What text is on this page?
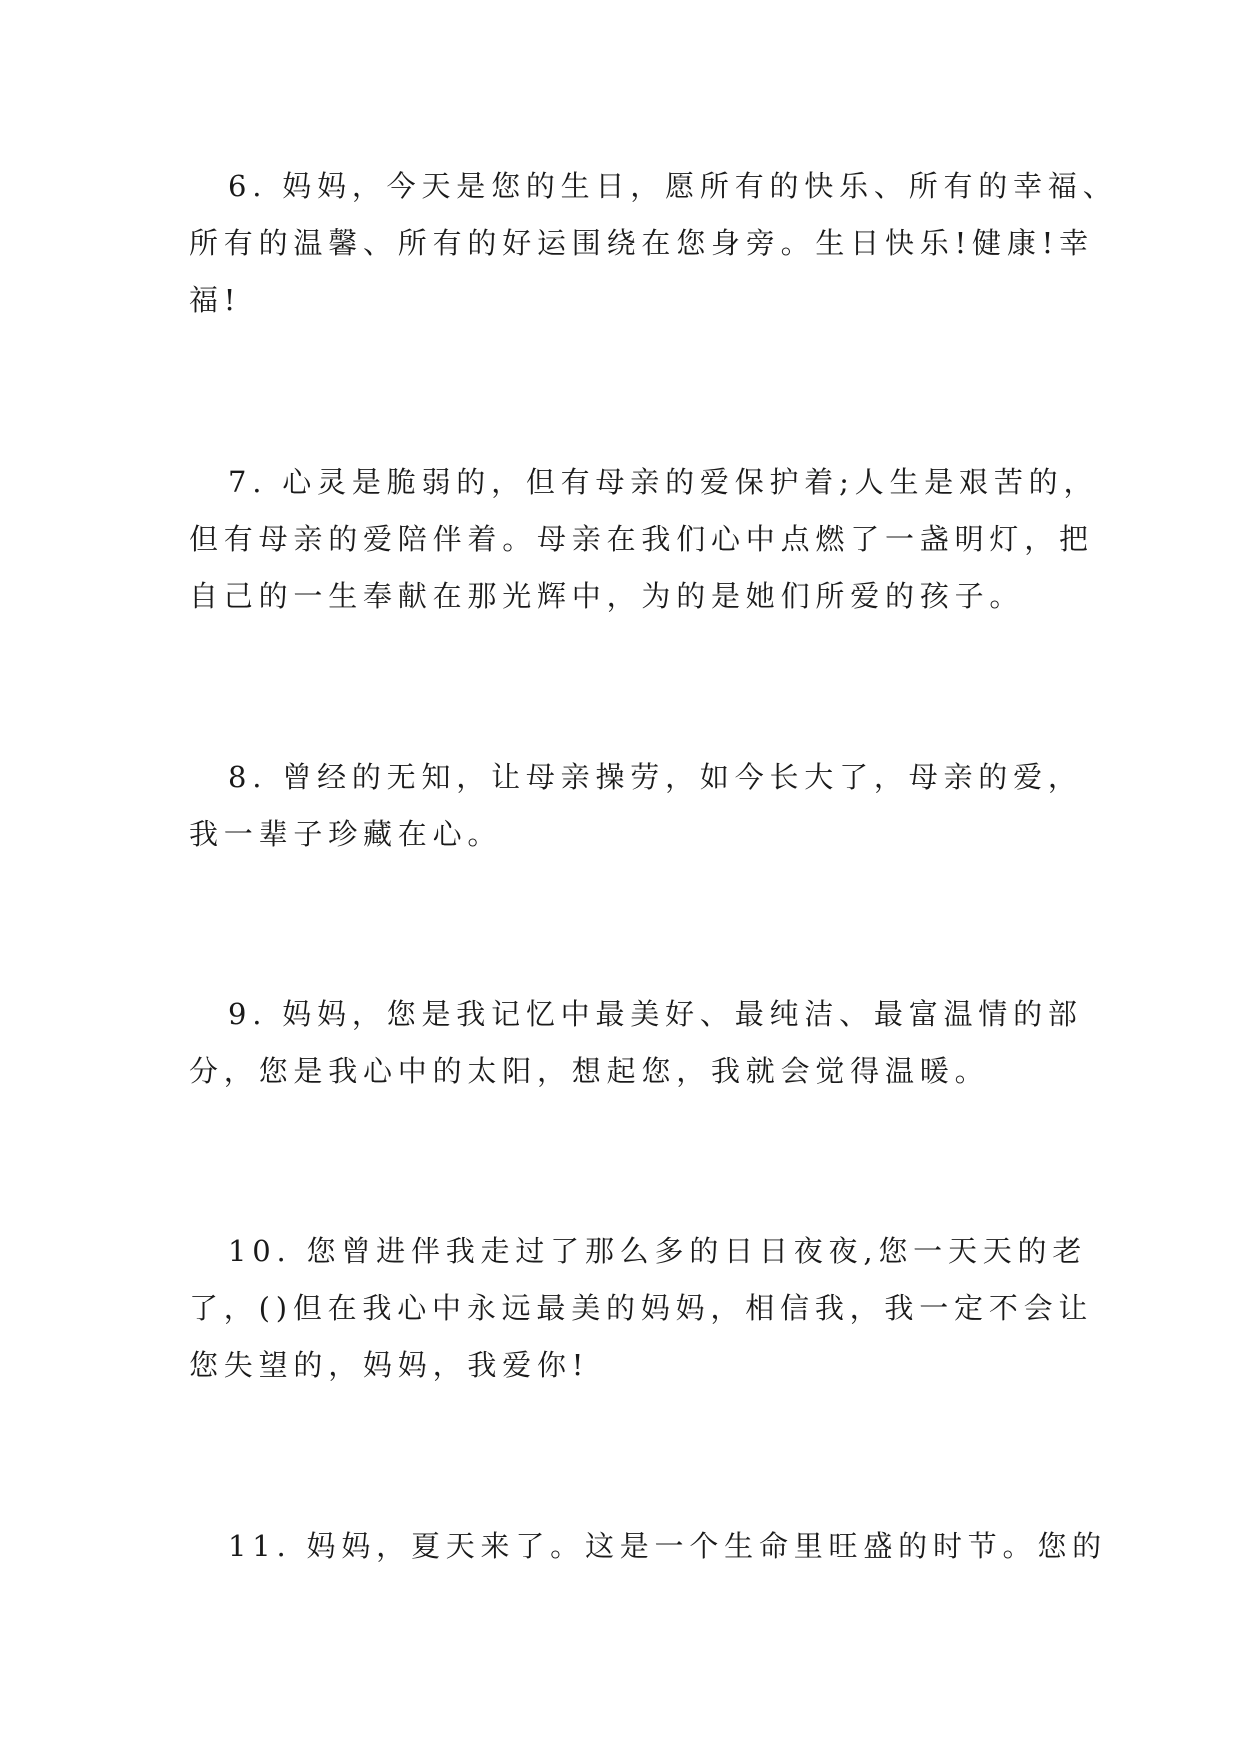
6. 妈妈，今天是您的生日，愿所有的快乐、所有的幸福、

所有的温馨、所有的好运围绕在您身旁。生日快乐!健康!幸

福!

7. 心灵是脆弱的，但有母亲的爱保护着;人生是艰苦的，

但有母亲的爱陪伴着。母亲在我们心中点燃了一盏明灯，把

自己的一生奉献在那光辉中，为的是她们所爱的孩子。

8. 曾经的无知，让母亲操劳，如今长大了，母亲的爱，

我一辈子珍藏在心。

9. 妈妈，您是我记忆中最美好、最纯洁、最富温情的部

分，您是我心中的太阳，想起您，我就会觉得温暖。

10. 您曾进伴我走过了那么多的日日夜夜,您一天天的老

了，()但在我心中永远最美的妈妈，相信我，我一定不会让

您失望的，妈妈，我爱你!

11. 妈妈，夏天来了。这是一个生命里旺盛的时节。您的
